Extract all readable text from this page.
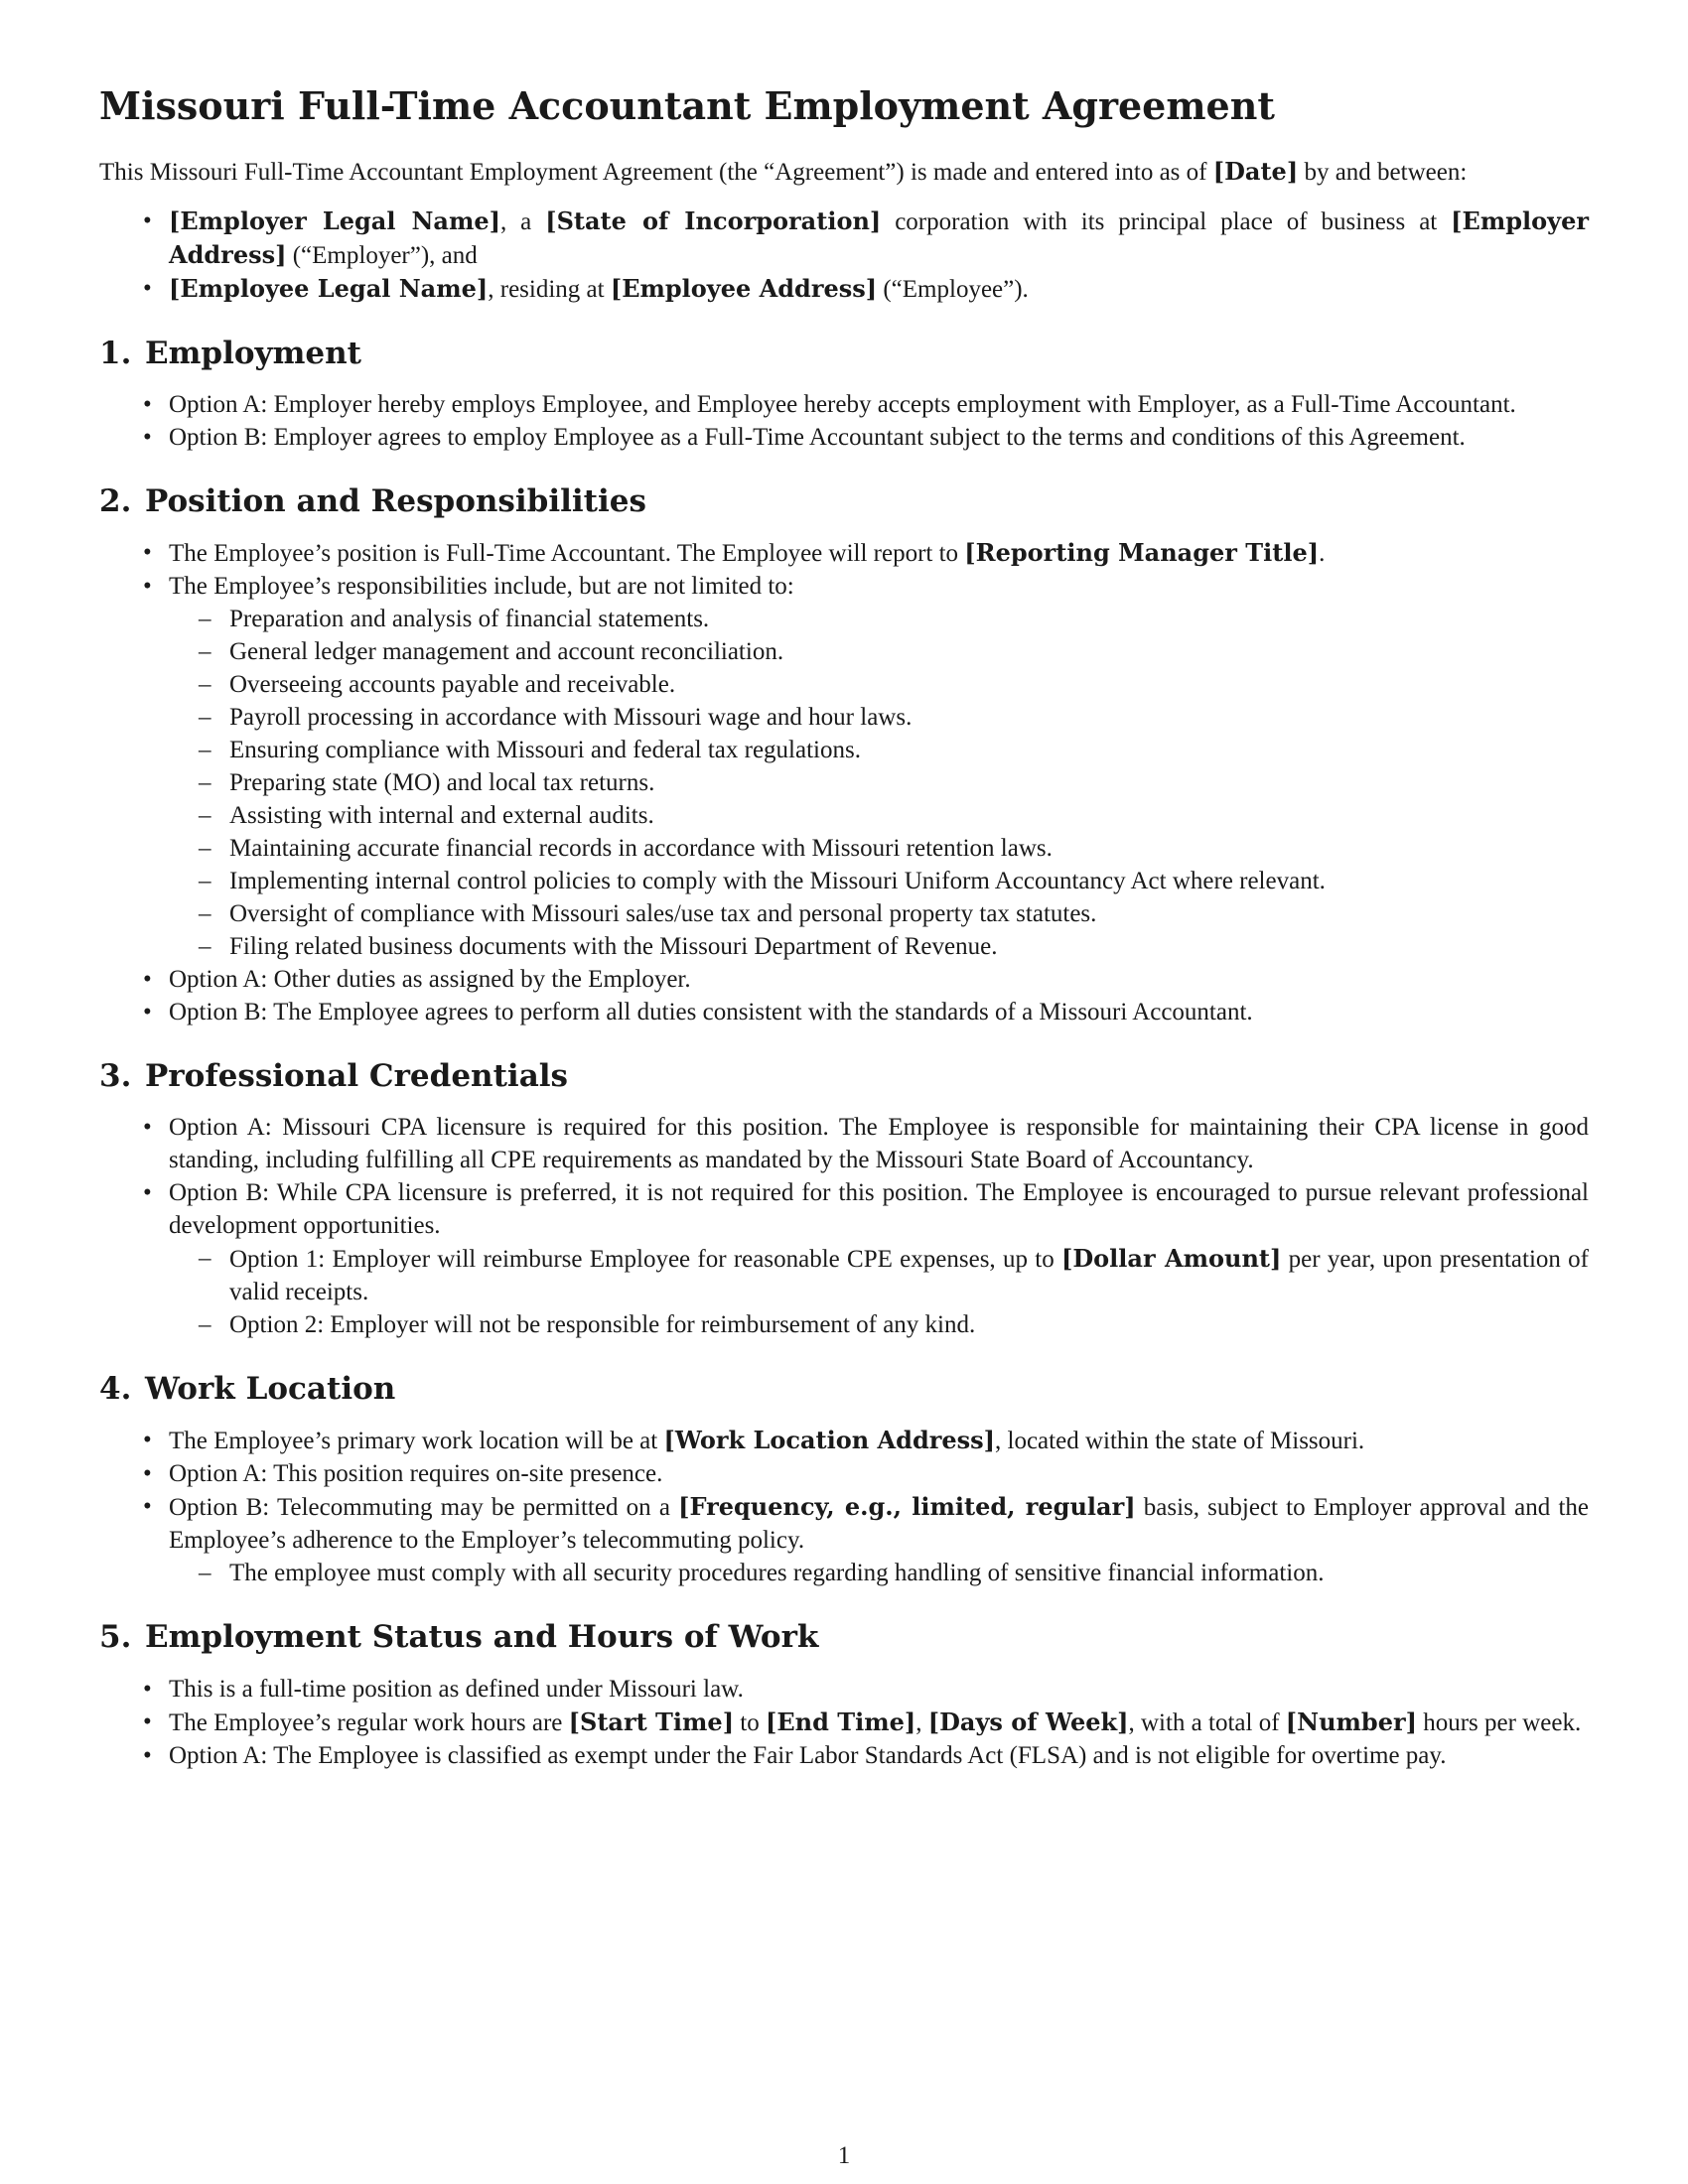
Missouri Full-Time Accountant Employment Agreement

This Missouri Full-Time Accountant Employment Agreement (the “Agreement”) is made and entered into as of [Date] by and between:

• [Employer Legal Name], a [State of Incorporation] corporation with its principal place of business at [Employer Address] (“Employer”), and
• [Employee Legal Name], residing at [Employee Address] (“Employee”).
1. Employment
• Option A: Employer hereby employs Employee, and Employee hereby accepts employment with Employer, as a Full-Time Accountant.
• Option B: Employer agrees to employ Employee as a Full-Time Accountant subject to the terms and conditions of this Agreement.
2. Position and Responsibilities
• The Employee’s position is Full-Time Accountant. The Employee will report to [Reporting Manager Title].
• The Employee’s responsibilities include, but are not limited to:
– Preparation and analysis of financial statements.
– General ledger management and account reconciliation.
– Overseeing accounts payable and receivable.
– Payroll processing in accordance with Missouri wage and hour laws.
– Ensuring compliance with Missouri and federal tax regulations.
– Preparing state (MO) and local tax returns.
– Assisting with internal and external audits.
– Maintaining accurate financial records in accordance with Missouri retention laws.
– Implementing internal control policies to comply with the Missouri Uniform Accountancy Act where relevant.
– Oversight of compliance with Missouri sales/use tax and personal property tax statutes.
– Filing related business documents with the Missouri Department of Revenue.
• Option A: Other duties as assigned by the Employer.
• Option B: The Employee agrees to perform all duties consistent with the standards of a Missouri Accountant.
3. Professional Credentials
• Option A: Missouri CPA licensure is required for this position. The Employee is responsible for maintaining their CPA license in good standing, including fulfilling all CPE requirements as mandated by the Missouri State Board of Accountancy.
• Option B: While CPA licensure is preferred, it is not required for this position. The Employee is encouraged to pursue relevant professional development opportunities.
– Option 1: Employer will reimburse Employee for reasonable CPE expenses, up to [Dollar Amount] per year, upon presentation of valid receipts.
– Option 2: Employer will not be responsible for reimbursement of any kind.
4. Work Location
• The Employee’s primary work location will be at [Work Location Address], located within the state of Missouri.
• Option A: This position requires on-site presence.
• Option B: Telecommuting may be permitted on a [Frequency, e.g., limited, regular] basis, subject to Employer approval and the Employee’s adherence to the Employer’s telecommuting policy.
– The employee must comply with all security procedures regarding handling of sensitive financial information.
5. Employment Status and Hours of Work
• This is a full-time position as defined under Missouri law.
• The Employee’s regular work hours are [Start Time] to [End Time], [Days of Week], with a total of [Number] hours per week.
• Option A: The Employee is classified as exempt under the Fair Labor Standards Act (FLSA) and is not eligible for overtime pay.
1
